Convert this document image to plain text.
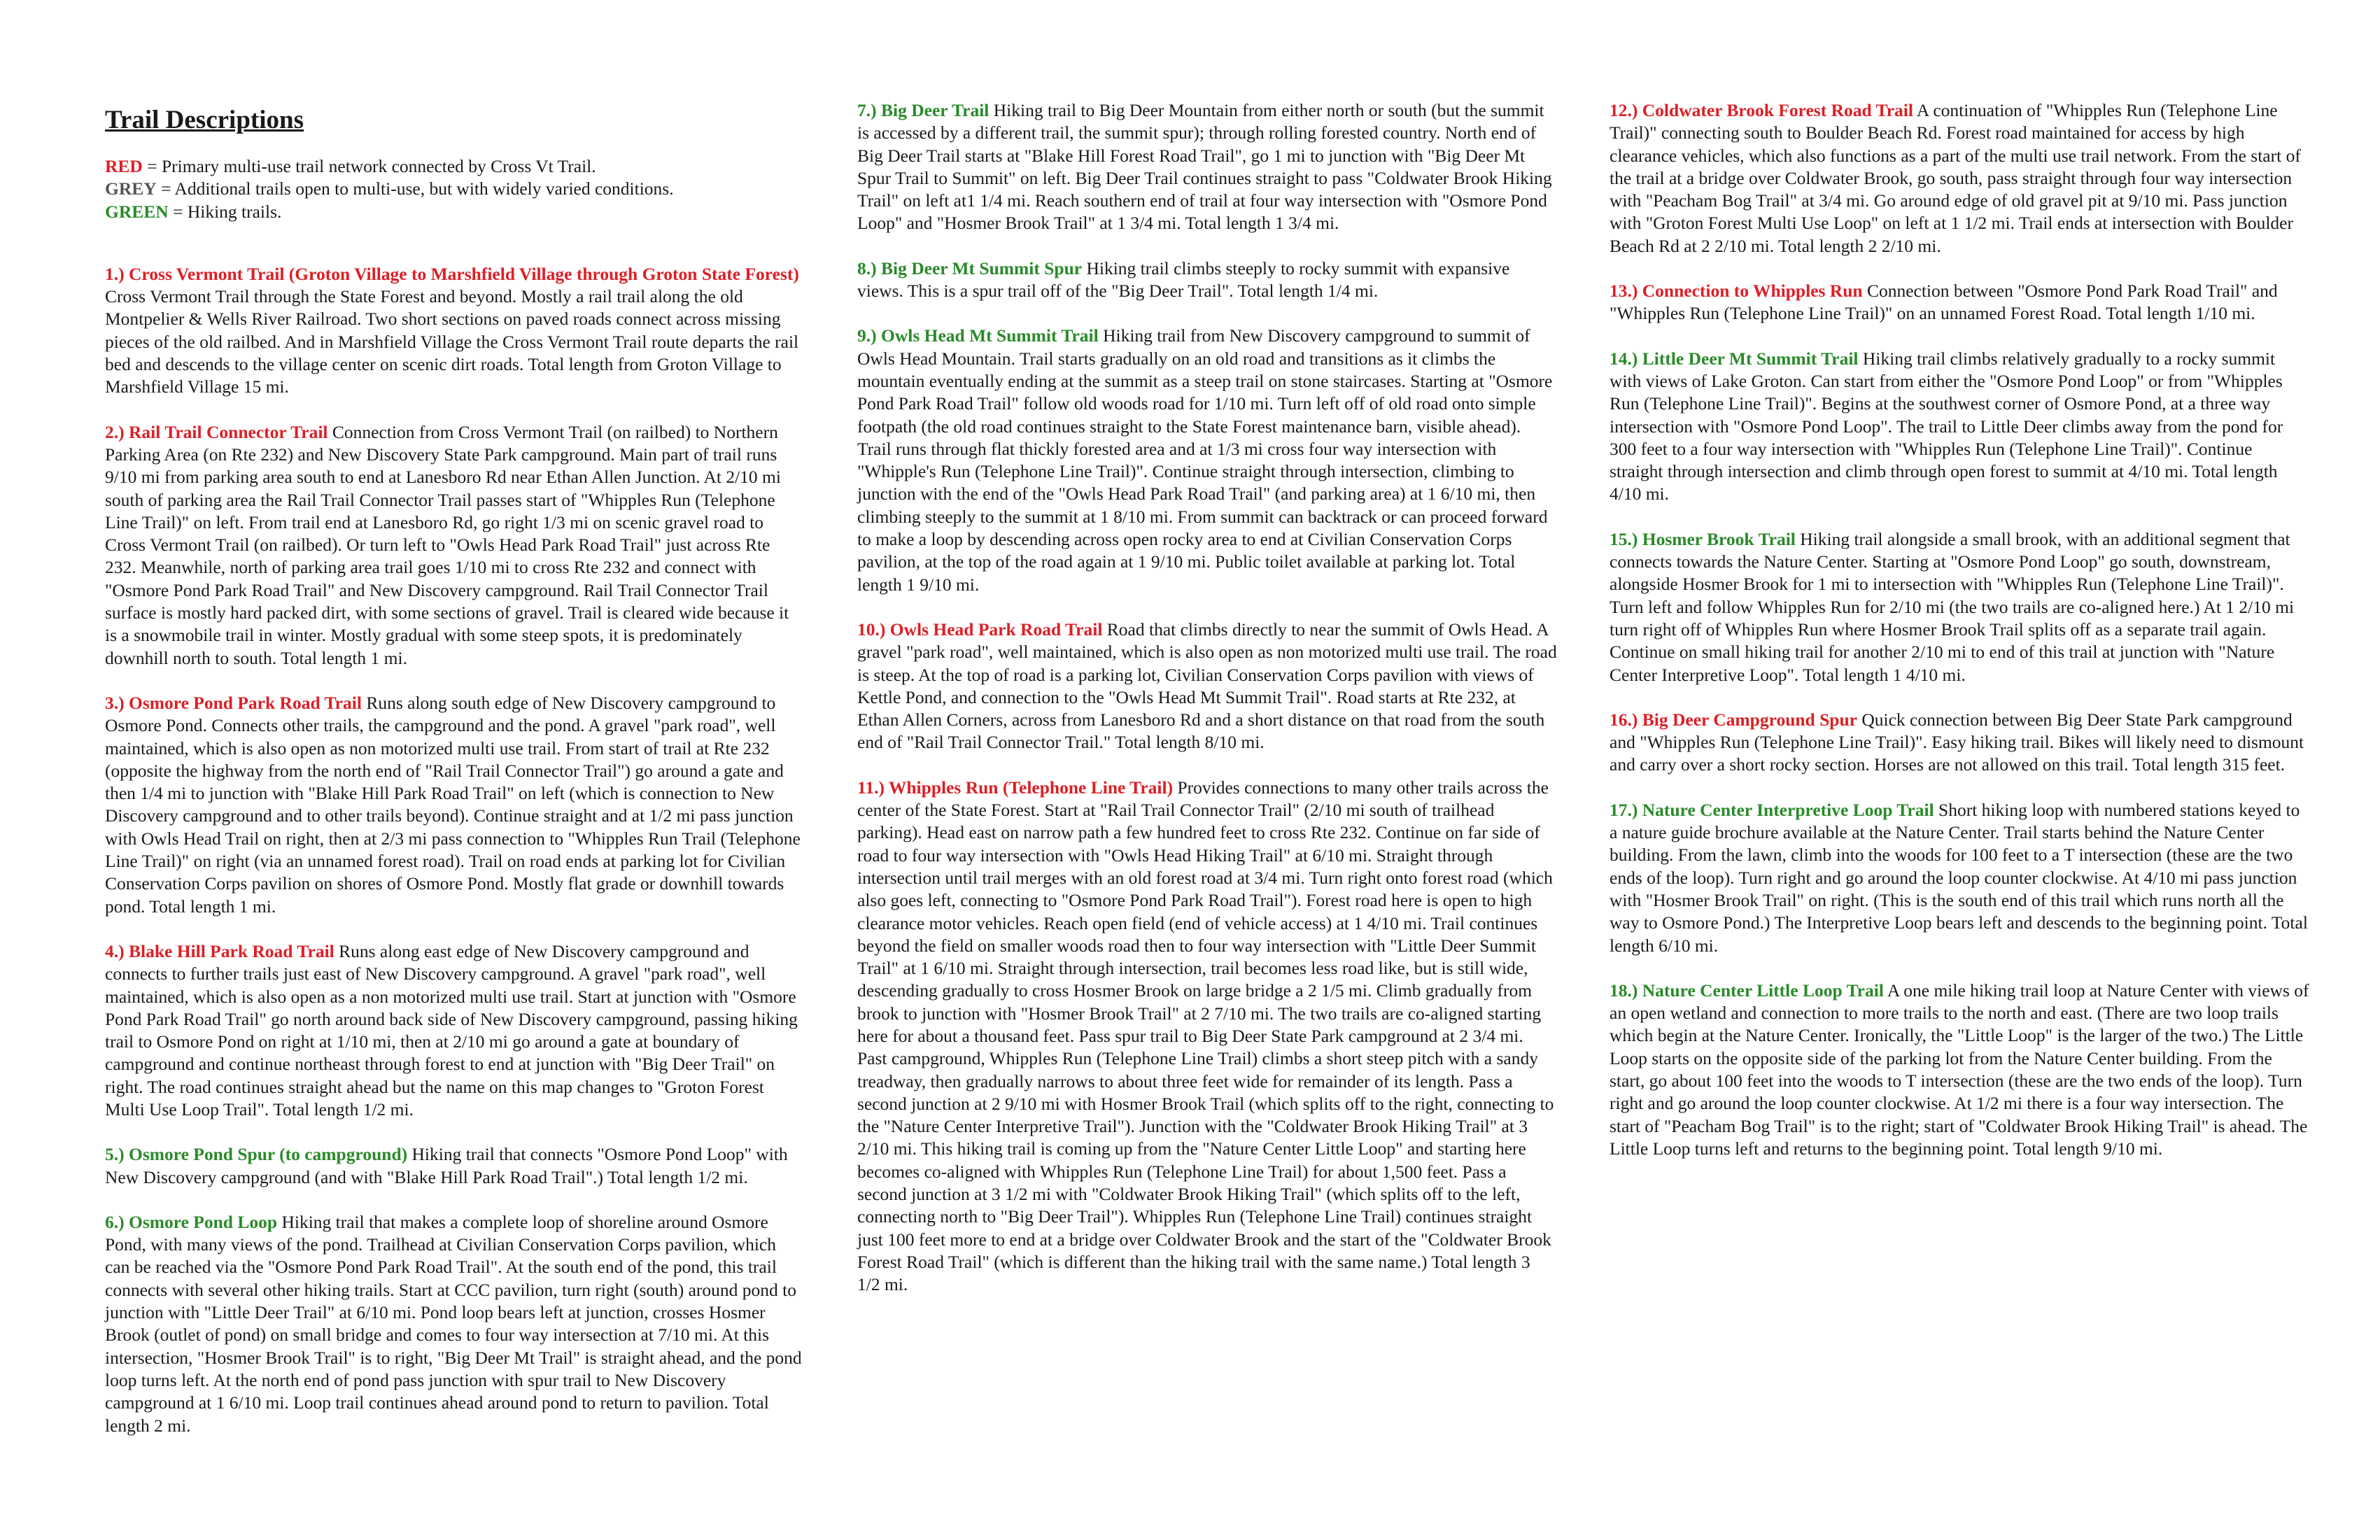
Trail Descriptions
RED = Primary multi-use trail network connected by Cross Vt Trail.
GREY = Additional trails open to multi-use, but with widely varied conditions.
GREEN = Hiking trails.

1.) Cross Vermont Trail (Groton Village to Marshfield Village through Groton State Forest) Cross Vermont Trail through the State Forest and beyond. Mostly a rail trail along the old Montpelier & Wells River Railroad. Two short sections on paved roads connect across missing pieces of the old railbed. And in Marshfield Village the Cross Vermont Trail route departs the rail bed and descends to the village center on scenic dirt roads. Total length from Groton Village to Marshfield Village 15 mi.

2.) Rail Trail Connector Trail Connection from Cross Vermont Trail (on railbed) to Northern Parking Area (on Rte 232) and New Discovery State Park campground. Main part of trail runs 9/10 mi from parking area south to end at Lanesboro Rd near Ethan Allen Junction. At 2/10 mi south of parking area the Rail Trail Connector Trail passes start of "Whipples Run (Telephone Line Trail)" on left. From trail end at Lanesboro Rd, go right 1/3 mi on scenic gravel road to Cross Vermont Trail (on railbed). Or turn left to "Owls Head Park Road Trail" just across Rte 232. Meanwhile, north of parking area trail goes 1/10 mi to cross Rte 232 and connect with "Osmore Pond Park Road Trail" and New Discovery campground. Rail Trail Connector Trail surface is mostly hard packed dirt, with some sections of gravel. Trail is cleared wide because it is a snowmobile trail in winter. Mostly gradual with some steep spots, it is predominately downhill north to south. Total length 1 mi.

3.) Osmore Pond Park Road Trail Runs along south edge of New Discovery campground to Osmore Pond. Connects other trails, the campground and the pond. A gravel "park road", well maintained, which is also open as non motorized multi use trail. From start of trail at Rte 232 (opposite the highway from the north end of "Rail Trail Connector Trail") go around a gate and then 1/4 mi to junction with "Blake Hill Park Road Trail" on left (which is connection to New Discovery campground and to other trails beyond). Continue straight and at 1/2 mi pass junction with Owls Head Trail on right, then at 2/3 mi pass connection to "Whipples Run Trail (Telephone Line Trail)" on right (via an unnamed forest road). Trail on road ends at parking lot for Civilian Conservation Corps pavilion on shores of Osmore Pond. Mostly flat grade or downhill towards pond. Total length 1 mi.

4.) Blake Hill Park Road Trail Runs along east edge of New Discovery campground and connects to further trails just east of New Discovery campground. A gravel "park road", well maintained, which is also open as a non motorized multi use trail. Start at junction with "Osmore Pond Park Road Trail" go north around back side of New Discovery campground, passing hiking trail to Osmore Pond on right at 1/10 mi, then at 2/10 mi go around a gate at boundary of campground and continue northeast through forest to end at junction with "Big Deer Trail" on right. The road continues straight ahead but the name on this map changes to "Groton Forest Multi Use Loop Trail". Total length 1/2 mi.

5.) Osmore Pond Spur (to campground) Hiking trail that connects "Osmore Pond Loop" with New Discovery campground (and with "Blake Hill Park Road Trail".) Total length 1/2 mi.

6.) Osmore Pond Loop Hiking trail that makes a complete loop of shoreline around Osmore Pond, with many views of the pond. Trailhead at Civilian Conservation Corps pavilion, which can be reached via the "Osmore Pond Park Road Trail". At the south end of the pond, this trail connects with several other hiking trails. Start at CCC pavilion, turn right (south) around pond to junction with "Little Deer Trail" at 6/10 mi. Pond loop bears left at junction, crosses Hosmer Brook (outlet of pond) on small bridge and comes to four way intersection at 7/10 mi. At this intersection, "Hosmer Brook Trail" is to right, "Big Deer Mt Trail" is straight ahead, and the pond loop turns left. At the north end of pond pass junction with spur trail to New Discovery campground at 1 6/10 mi. Loop trail continues ahead around pond to return to pavilion. Total length 2 mi.

7.) Big Deer Trail Hiking trail to Big Deer Mountain from either north or south (but the summit is accessed by a different trail, the summit spur); through rolling forested country. North end of Big Deer Trail starts at "Blake Hill Forest Road Trail", go 1 mi to junction with "Big Deer Mt Spur Trail to Summit" on left. Big Deer Trail continues straight to pass "Coldwater Brook Hiking Trail" on left at1 1/4 mi. Reach southern end of trail at four way intersection with "Osmore Pond Loop" and "Hosmer Brook Trail" at 1 3/4 mi. Total length 1 3/4 mi.

8.) Big Deer Mt Summit Spur Hiking trail climbs steeply to rocky summit with expansive views. This is a spur trail off of the "Big Deer Trail". Total length 1/4 mi.

9.) Owls Head Mt Summit Trail Hiking trail from New Discovery campground to summit of Owls Head Mountain. Trail starts gradually on an old road and transitions as it climbs the mountain eventually ending at the summit as a steep trail on stone staircases. Starting at "Osmore Pond Park Road Trail" follow old woods road for 1/10 mi. Turn left off of old road onto simple footpath (the old road continues straight to the State Forest maintenance barn, visible ahead). Trail runs through flat thickly forested area and at 1/3 mi cross four way intersection with "Whipple's Run (Telephone Line Trail)". Continue straight through intersection, climbing to junction with the end of the "Owls Head Park Road Trail" (and parking area) at 1 6/10 mi, then climbing steeply to the summit at 1 8/10 mi. From summit can backtrack or can proceed forward to make a loop by descending across open rocky area to end at Civilian Conservation Corps pavilion, at the top of the road again at 1 9/10 mi. Public toilet available at parking lot. Total length 1 9/10 mi.

10.) Owls Head Park Road Trail Road that climbs directly to near the summit of Owls Head. A gravel "park road", well maintained, which is also open as non motorized multi use trail. The road is steep. At the top of road is a parking lot, Civilian Conservation Corps pavilion with views of Kettle Pond, and connection to the "Owls Head Mt Summit Trail". Road starts at Rte 232, at Ethan Allen Corners, across from Lanesboro Rd and a short distance on that road from the south end of "Rail Trail Connector Trail." Total length 8/10 mi.

11.) Whipples Run (Telephone Line Trail) Provides connections to many other trails across the center of the State Forest. Start at "Rail Trail Connector Trail" (2/10 mi south of trailhead parking). Head east on narrow path a few hundred feet to cross Rte 232. Continue on far side of road to four way intersection with "Owls Head Hiking Trail" at 6/10 mi. Straight through intersection until trail merges with an old forest road at 3/4 mi. Turn right onto forest road (which also goes left, connecting to "Osmore Pond Park Road Trail"). Forest road here is open to high clearance motor vehicles. Reach open field (end of vehicle access) at 1 4/10 mi. Trail continues beyond the field on smaller woods road then to four way intersection with "Little Deer Summit Trail" at 1 6/10 mi. Straight through intersection, trail becomes less road like, but is still wide, descending gradually to cross Hosmer Brook on large bridge a 2 1/5 mi. Climb gradually from brook to junction with "Hosmer Brook Trail" at 2 7/10 mi. The two trails are co-aligned starting here for about a thousand feet. Pass spur trail to Big Deer State Park campground at 2 3/4 mi. Past campground, Whipples Run (Telephone Line Trail) climbs a short steep pitch with a sandy treadway, then gradually narrows to about three feet wide for remainder of its length. Pass a second junction at 2 9/10 mi with Hosmer Brook Trail (which splits off to the right, connecting to the "Nature Center Interpretive Trail"). Junction with the "Coldwater Brook Hiking Trail" at 3 2/10 mi. This hiking trail is coming up from the "Nature Center Little Loop" and starting here becomes co-aligned with Whipples Run (Telephone Line Trail) for about 1,500 feet. Pass a second junction at 3 1/2 mi with "Coldwater Brook Hiking Trail" (which splits off to the left, connecting north to "Big Deer Trail"). Whipples Run (Telephone Line Trail) continues straight just 100 feet more to end at a bridge over Coldwater Brook and the start of the "Coldwater Brook Forest Road Trail" (which is different than the hiking trail with the same name.) Total length 3 1/2 mi.

12.) Coldwater Brook Forest Road Trail A continuation of "Whipples Run (Telephone Line Trail)" connecting south to Boulder Beach Rd. Forest road maintained for access by high clearance vehicles, which also functions as a part of the multi use trail network. From the start of the trail at a bridge over Coldwater Brook, go south, pass straight through four way intersection with "Peacham Bog Trail" at 3/4 mi. Go around edge of old gravel pit at 9/10 mi. Pass junction with "Groton Forest Multi Use Loop" on left at 1 1/2 mi. Trail ends at intersection with Boulder Beach Rd at 2 2/10 mi. Total length 2 2/10 mi.

13.) Connection to Whipples Run Connection between "Osmore Pond Park Road Trail" and "Whipples Run (Telephone Line Trail)" on an unnamed Forest Road. Total length 1/10 mi.

14.) Little Deer Mt Summit Trail Hiking trail climbs relatively gradually to a rocky summit with views of Lake Groton. Can start from either the "Osmore Pond Loop" or from "Whipples Run (Telephone Line Trail)". Begins at the southwest corner of Osmore Pond, at a three way intersection with "Osmore Pond Loop". The trail to Little Deer climbs away from the pond for 300 feet to a four way intersection with "Whipples Run (Telephone Line Trail)". Continue straight through intersection and climb through open forest to summit at 4/10 mi. Total length 4/10 mi.

15.) Hosmer Brook Trail Hiking trail alongside a small brook, with an additional segment that connects towards the Nature Center. Starting at "Osmore Pond Loop" go south, downstream, alongside Hosmer Brook for 1 mi to intersection with "Whipples Run (Telephone Line Trail)". Turn left and follow Whipples Run for 2/10 mi (the two trails are co-aligned here.) At 1 2/10 mi turn right off of Whipples Run where Hosmer Brook Trail splits off as a separate trail again. Continue on small hiking trail for another 2/10 mi to end of this trail at junction with "Nature Center Interpretive Loop". Total length 1 4/10 mi.

16.) Big Deer Campground Spur Quick connection between Big Deer State Park campground and "Whipples Run (Telephone Line Trail)". Easy hiking trail. Bikes will likely need to dismount and carry over a short rocky section. Horses are not allowed on this trail. Total length 315 feet.

17.) Nature Center Interpretive Loop Trail Short hiking loop with numbered stations keyed to a nature guide brochure available at the Nature Center. Trail starts behind the Nature Center building. From the lawn, climb into the woods for 100 feet to a T intersection (these are the two ends of the loop). Turn right and go around the loop counter clockwise. At 4/10 mi pass junction with "Hosmer Brook Trail" on right. (This is the south end of this trail which runs north all the way to Osmore Pond.) The Interpretive Loop bears left and descends to the beginning point. Total length 6/10 mi.

18.) Nature Center Little Loop Trail A one mile hiking trail loop at Nature Center with views of an open wetland and connection to more trails to the north and east. (There are two loop trails which begin at the Nature Center. Ironically, the "Little Loop" is the larger of the two.) The Little Loop starts on the opposite side of the parking lot from the Nature Center building. From the start, go about 100 feet into the woods to T intersection (these are the two ends of the loop). Turn right and go around the loop counter clockwise. At 1/2 mi there is a four way intersection. The start of "Peacham Bog Trail" is to the right; start of "Coldwater Brook Hiking Trail" is ahead. The Little Loop turns left and returns to the beginning point. Total length 9/10 mi.
